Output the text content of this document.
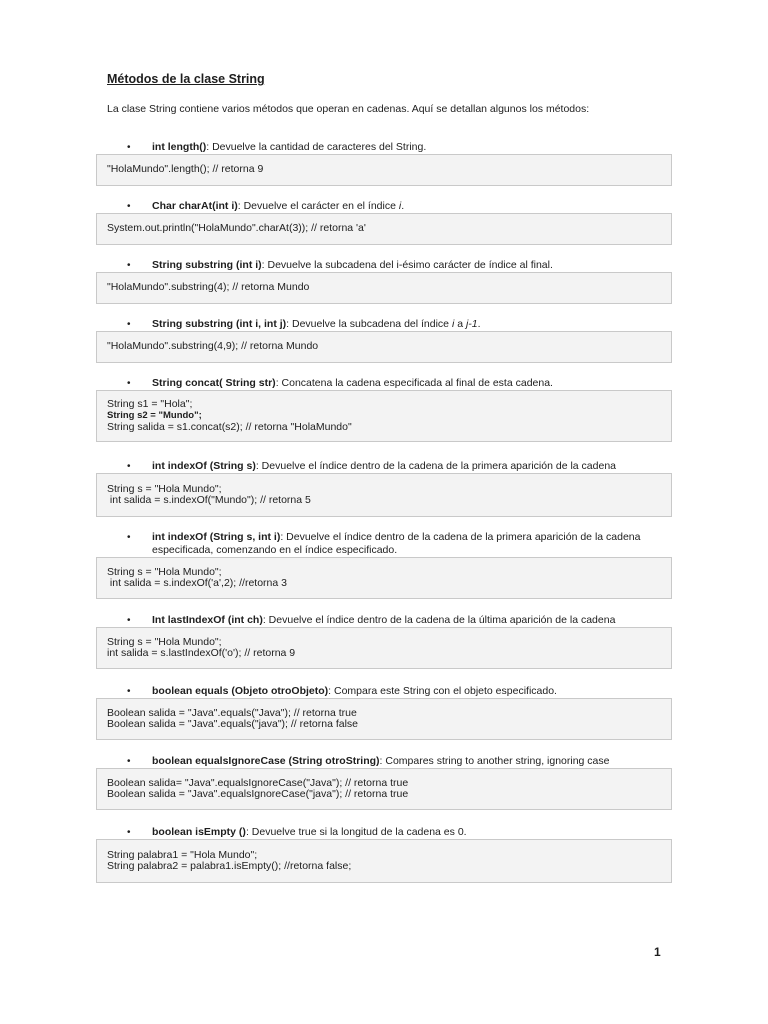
Métodos de la clase String

La clase String contiene varios métodos que operan en cadenas. Aquí se detallan algunos los métodos:

• int length(): Devuelve la cantidad de caracteres del String.
"HolaMundo".length(); // retorna 9
• Char charAt(int i): Devuelve el carácter en el índice i.
System.out.println("HolaMundo".charAt(3)); // retorna 'a'
• String substring (int i): Devuelve la subcadena del i-ésimo carácter de índice al final.
"HolaMundo".substring(4); // retorna Mundo
• String substring (int i, int j): Devuelve la subcadena del índice i a j-1.
"HolaMundo".substring(4,9); // retorna Mundo
• String concat( String str): Concatena la cadena especificada al final de esta cadena.
String s1 = "Hola";
String s2 = "Mundo";
String salida = s1.concat(s2); // retorna "HolaMundo"
• int indexOf (String s): Devuelve el índice dentro de la cadena de la primera aparición de la cadena
String s = "Hola Mundo";
int salida = s.indexOf("Mundo"); // retorna 5
• int indexOf (String s, int i): Devuelve el índice dentro de la cadena de la primera aparición de la cadena especificada, comenzando en el índice especificado.
String s = "Hola Mundo";
int salida = s.indexOf('a',2); //retorna 3
• Int lastIndexOf (int ch): Devuelve el índice dentro de la cadena de la última aparición de la cadena
String s = "Hola Mundo";
int salida = s.lastIndexOf('o'); // retorna 9
• boolean equals (Objeto otroObjeto): Compara este String con el objeto especificado.
Boolean salida = "Java".equals("Java"); // retorna true
Boolean salida = "Java".equals("java"); // retorna false
• boolean equalsIgnoreCase (String otroString): Compares string to another string, ignoring case
Boolean salida= "Java".equalsIgnoreCase("Java"); // retorna true
Boolean salida = "Java".equalsIgnoreCase("java"); // retorna true
• boolean isEmpty (): Devuelve true si la longitud de la cadena es 0.
String palabra1 = "Hola Mundo";
String palabra2 = palabra1.isEmpty(); //retorna false;
1
